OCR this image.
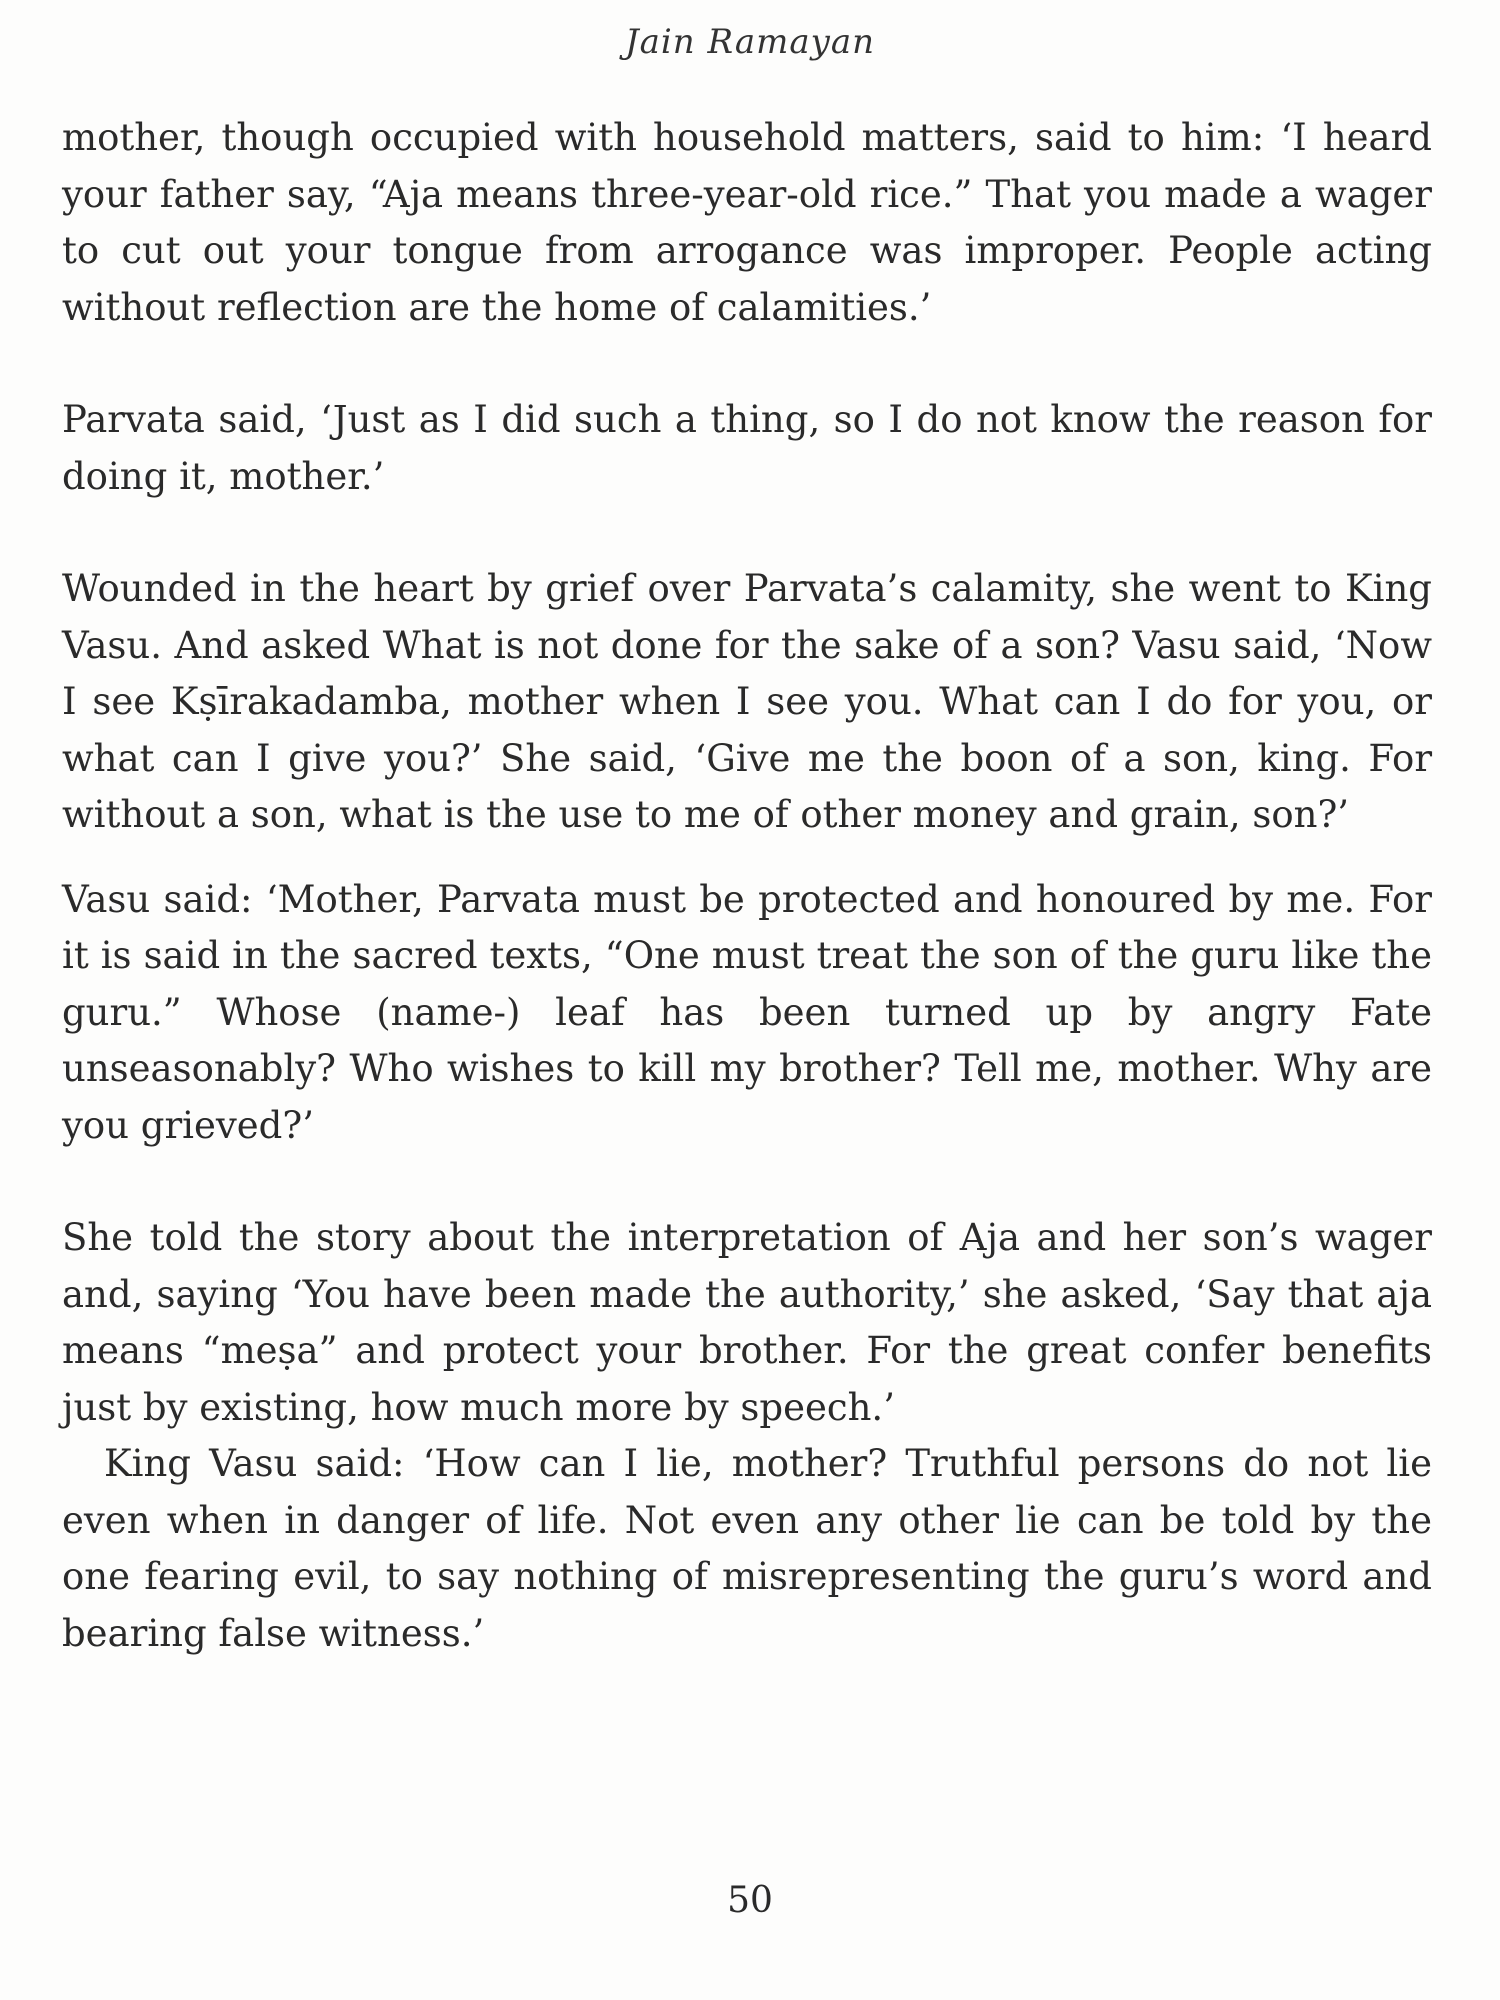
Jain Ramayan

mother, though occupied with household matters, said to him: ‘I heard your father say, “Aja means three-year-old rice.” That you made a wager to cut out your tongue from arrogance was improper. People acting without reflection are the home of calamities.’

Parvata said, ‘Just as I did such a thing, so I do not know the reason for doing it, mother.’

Wounded in the heart by grief over Parvata’s calamity, she went to King Vasu. And asked What is not done for the sake of a son? Vasu said, ‘Now I see Kṣīrakadamba, mother when I see you. What can I do for you, or what can I give you?’ She said, ‘Give me the boon of a son, king. For without a son, what is the use to me of other money and grain, son?’

Vasu said: ‘Mother, Parvata must be protected and honoured by me. For it is said in the sacred texts, “One must treat the son of the guru like the guru.” Whose (name-) leaf has been turned up by angry Fate unseasonably? Who wishes to kill my brother? Tell me, mother. Why are you grieved?’

She told the story about the interpretation of Aja and her son’s wager and, saying ‘You have been made the authority,’ she asked, ‘Say that aja means “meṣa” and protect your brother. For the great confer benefits just by existing, how much more by speech.’

King Vasu said: ‘How can I lie, mother? Truthful persons do not lie even when in danger of life. Not even any other lie can be told by the one fearing evil, to say nothing of misrepresenting the guru’s word and bearing false witness.’

50
